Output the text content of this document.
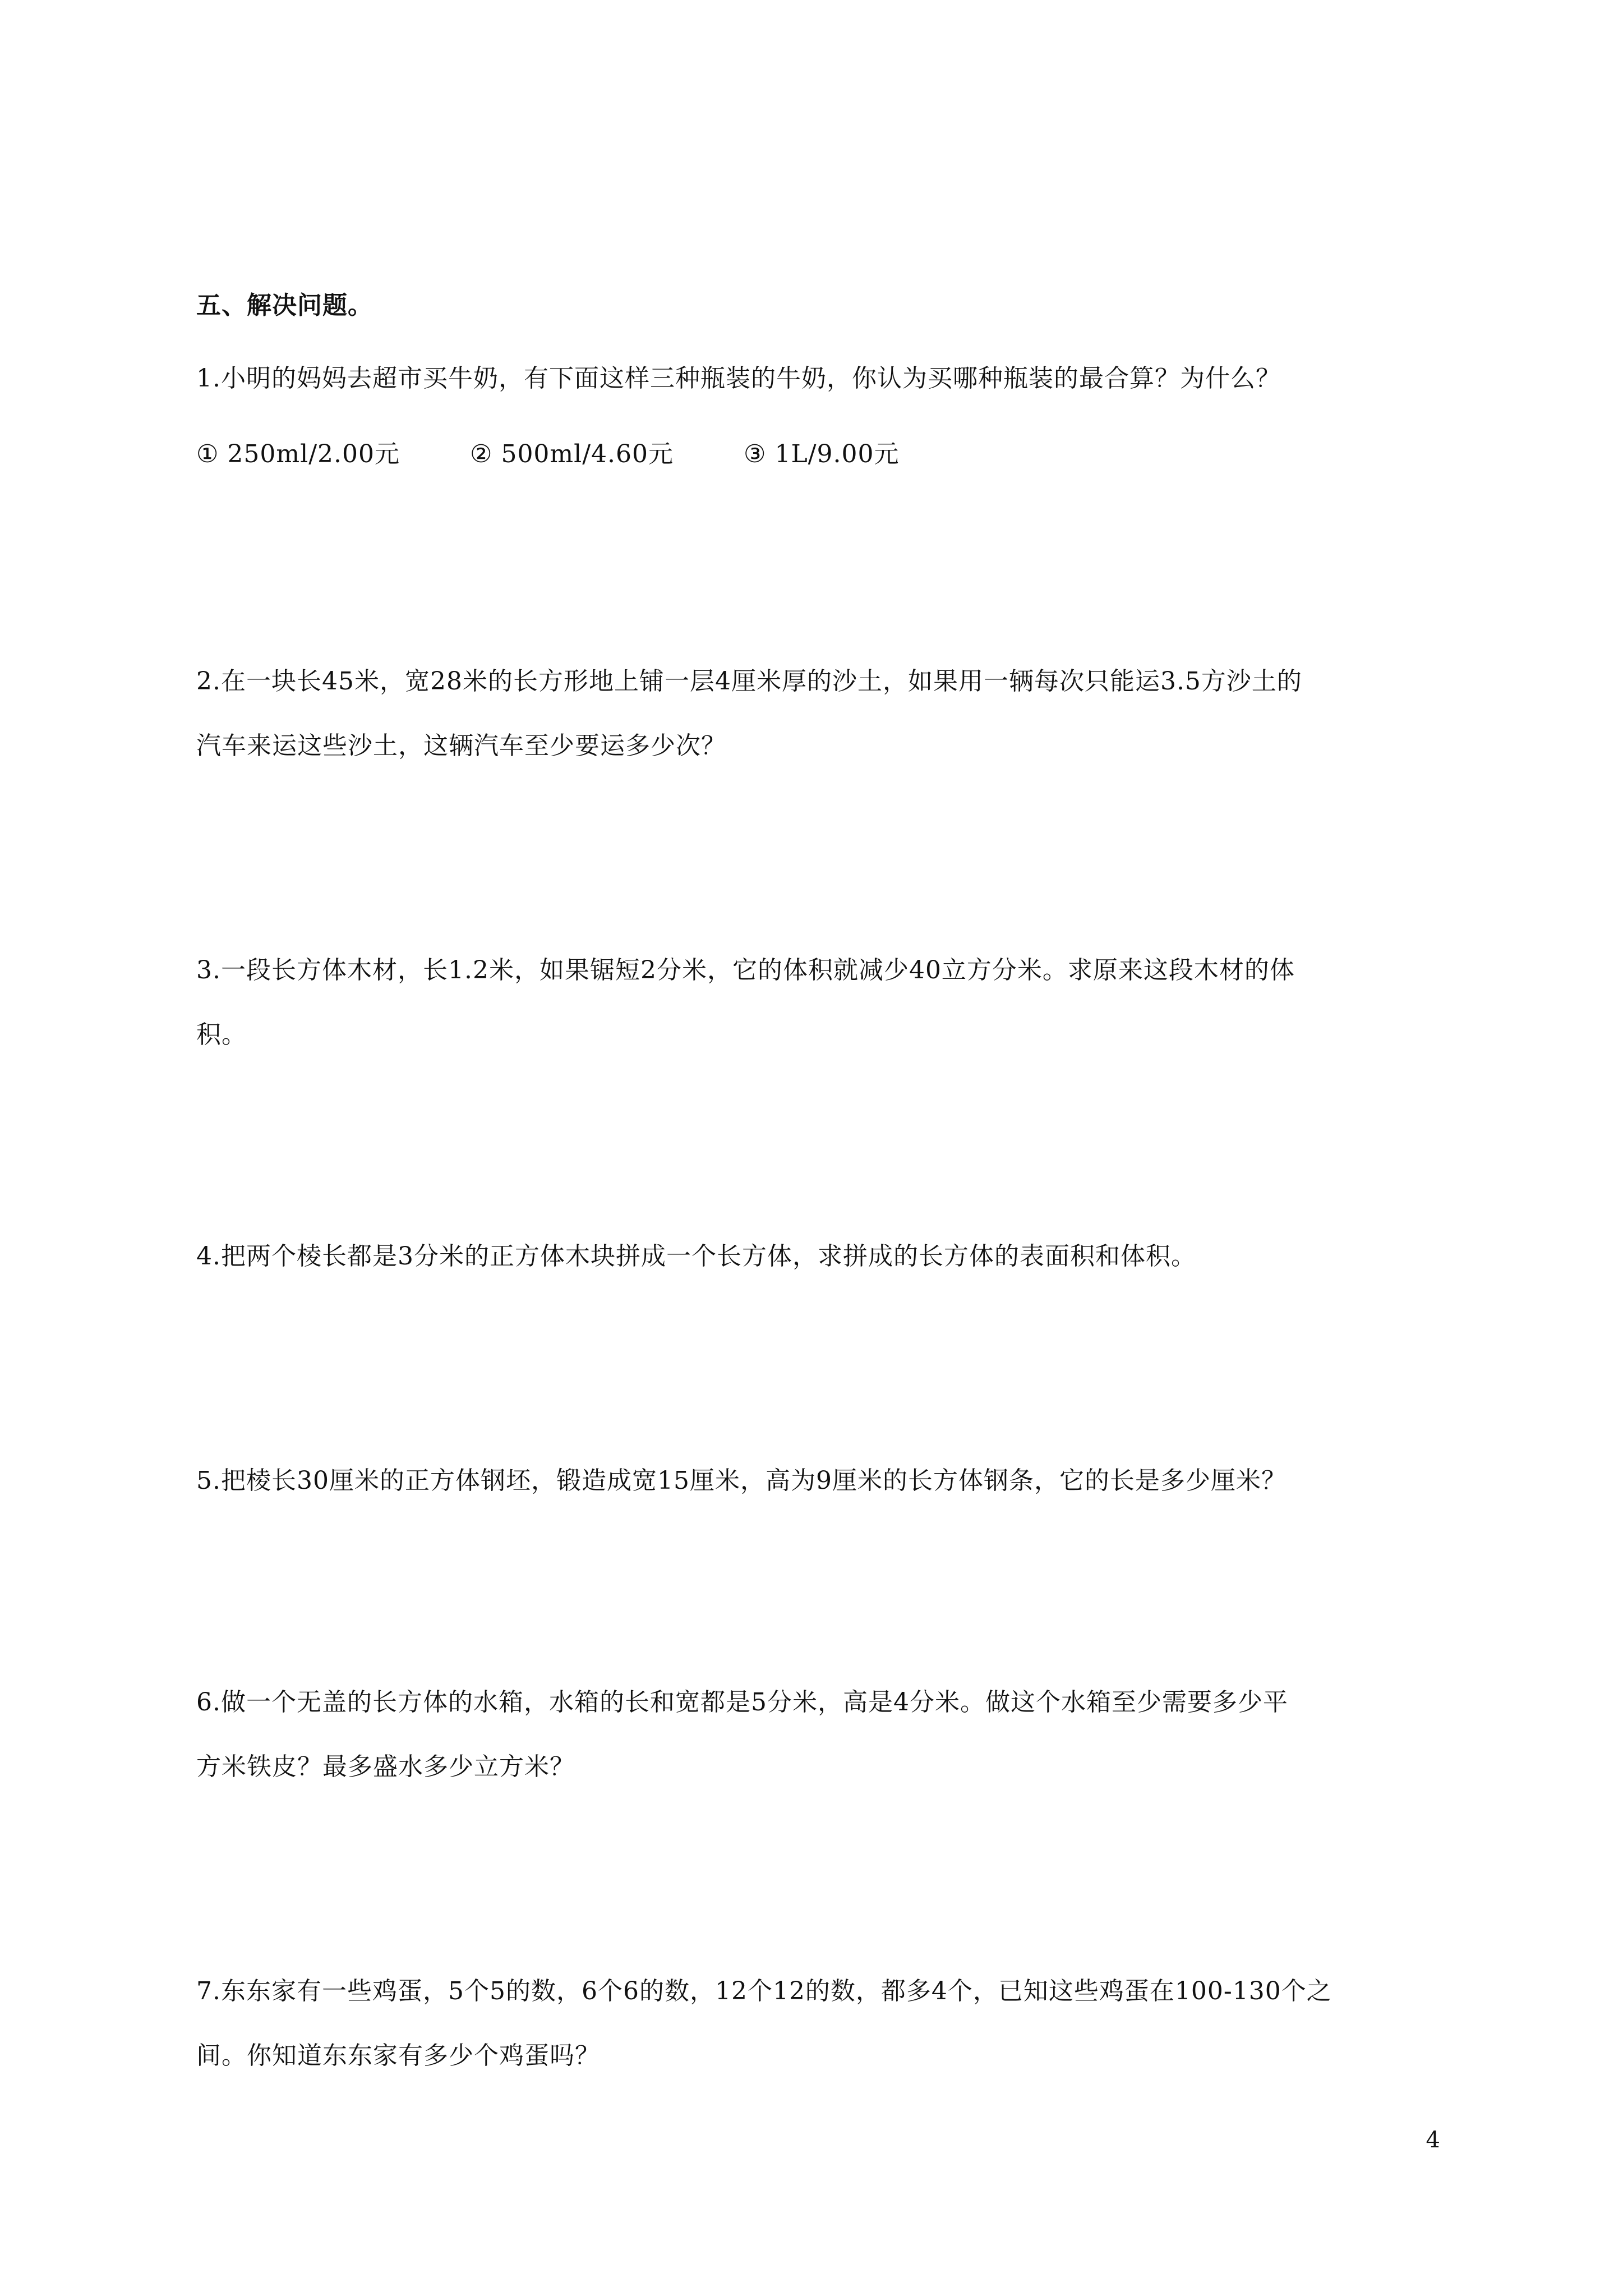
五、解决问题。
1.小明的妈妈去超市买牛奶，有下面这样三种瓶装的牛奶，你认为买哪种瓶装的最合算？为什么？
① 250ml/2.00元	② 500ml/4.60元	③ 1L/9.00元
2.在一块长45米，宽28米的长方形地上铺一层4厘米厚的沙土，如果用一辆每次只能运3.5方沙土的
汽车来运这些沙土，这辆汽车至少要运多少次？
3.一段长方体木材，长1.2米，如果锯短2分米，它的体积就减少40立方分米。求原来这段木材的体
积。
4.把两个棱长都是3分米的正方体木块拼成一个长方体，求拼成的长方体的表面积和体积。
5.把棱长30厘米的正方体钢坯，锻造成宽15厘米，高为9厘米的长方体钢条，它的长是多少厘米？
6.做一个无盖的长方体的水箱，水箱的长和宽都是5分米，高是4分米。做这个水箱至少需要多少平
方米铁皮？最多盛水多少立方米？
7.东东家有一些鸡蛋，5个5的数，6个6的数，12个12的数，都多4个，已知这些鸡蛋在100-130个之
间。你知道东东家有多少个鸡蛋吗？
4
